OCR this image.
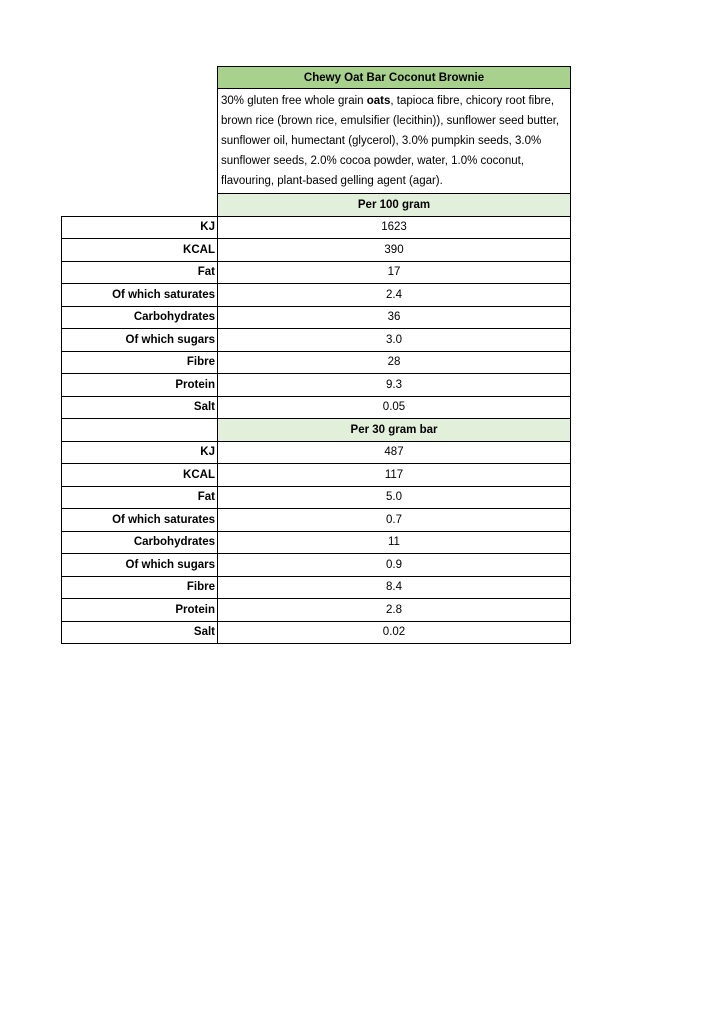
	Chewy Oat Bar Coconut Brownie
	30% gluten free whole grain oats, tapioca fibre, chicory root fibre, brown rice (brown rice, emulsifier (lecithin)), sunflower seed butter, sunflower oil, humectant (glycerol), 3.0% pumpkin seeds, 3.0% sunflower seeds, 2.0% cocoa powder, water, 1.0% coconut, flavouring, plant-based gelling agent (agar).
	Per 100 gram
KJ	1623
KCAL	390
Fat	17
Of which saturates	2.4
Carbohydrates	36
Of which sugars	3.0
Fibre	28
Protein	9.3
Salt	0.05
	Per 30 gram bar
KJ	487
KCAL	117
Fat	5.0
Of which saturates	0.7
Carbohydrates	11
Of which sugars	0.9
Fibre	8.4
Protein	2.8
Salt	0.02
